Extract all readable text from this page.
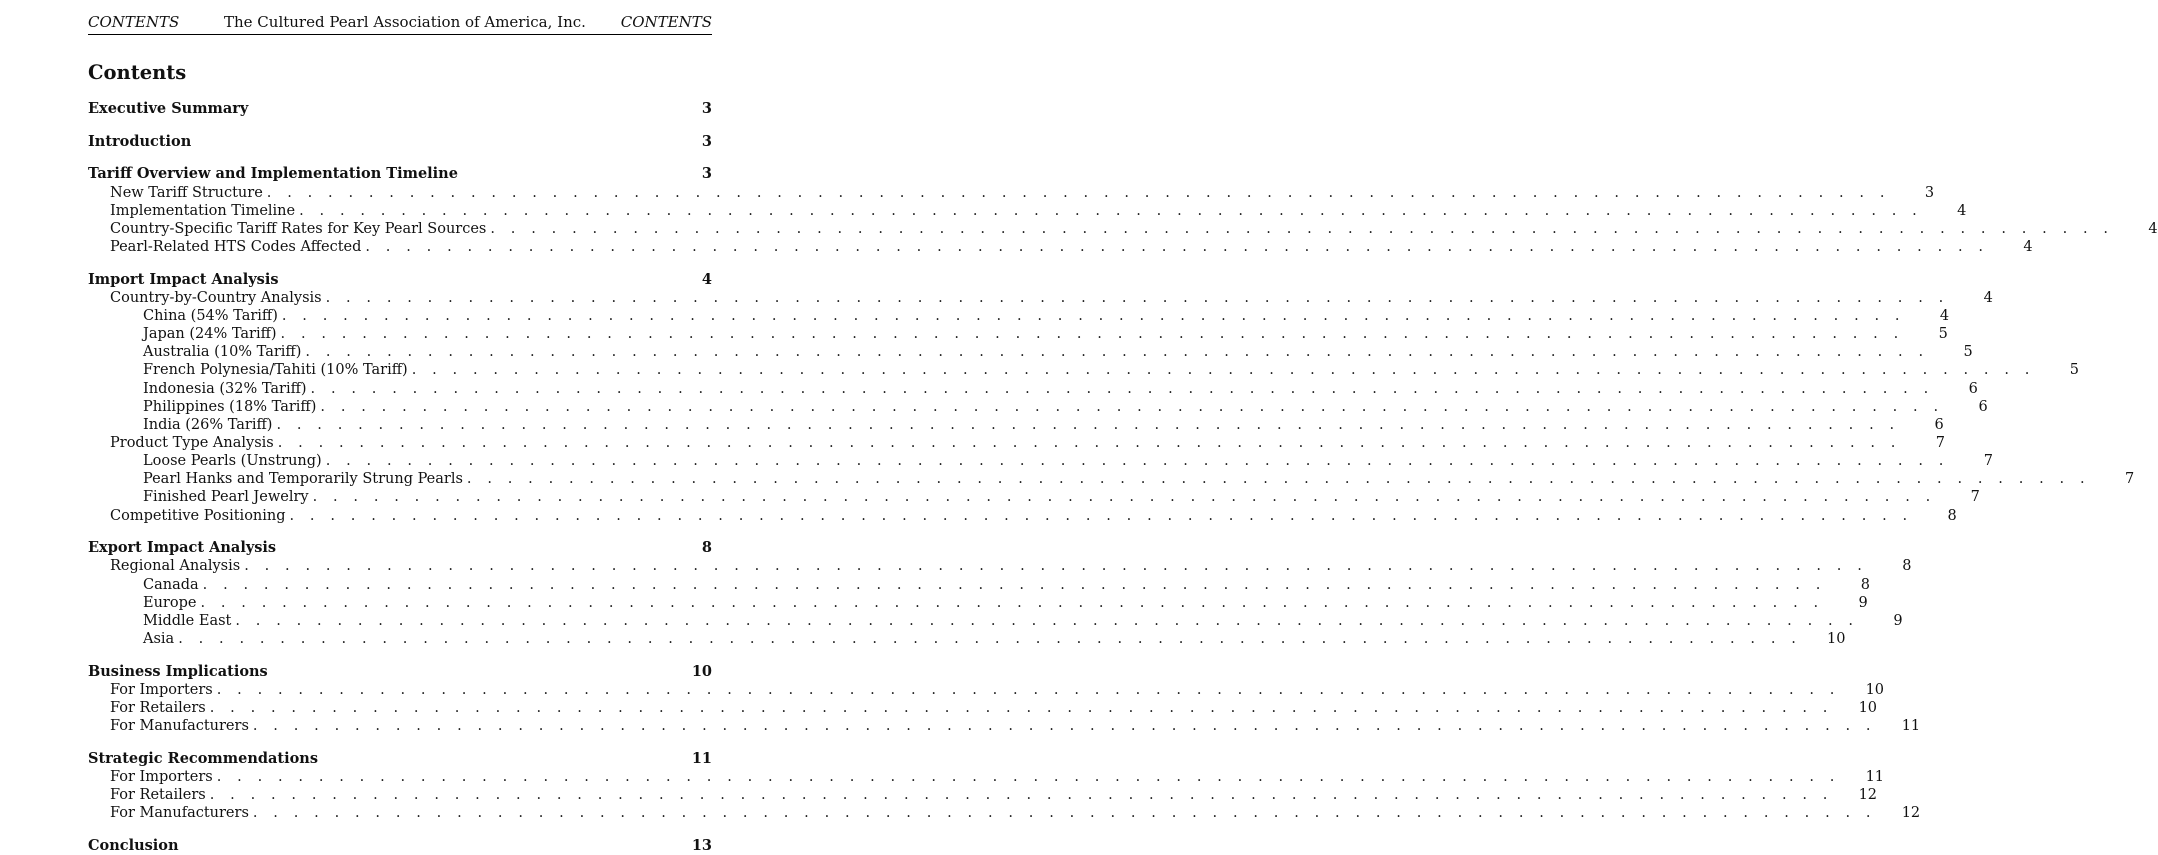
CONTENTS	The Cultured Pearl Association of America, Inc. CONTENTS
Contents
Executive Summary	3
Introduction	3
Tariff Overview and Implementation Timeline	3
New Tariff Structure . . . . . . . . . . . . . . . . . . . . . . . . . . . . . . . . . . . . . . . . . . . . . . . . . . . . . . . . . . . . . . . . . . . . . . . . . . . . . . . .	3
Implementation Timeline . . . . . . . . . . . . . . . . . . . . . . . . . . . . . . . . . . . . . . . . . . . . . . . . . . . . . . . . . . . . . . . . . . . . . . . . . . . . . . . .	4
Country-Specific Tariff Rates for Key Pearl Sources . . . . . . . . . . . . . . . . . . . . . . . . . . . . . . . . . . . . . . . . . . . . . . . . . . . . . . . . . . . . . . . . . . . . . . . . . . . . . . . .	4
Pearl-Related HTS Codes Affected . . . . . . . . . . . . . . . . . . . . . . . . . . . . . . . . . . . . . . . . . . . . . . . . . . . . . . . . . . . . . . . . . . . . . . . . . . . . . . . .	4
Import Impact Analysis	4
Country-by-Country Analysis . . . . . . . . . . . . . . . . . . . . . . . . . . . . . . . . . . . . . . . . . . . . . . . . . . . . . . . . . . . . . . . . . . . . . . . . . . . . . . . .	4
China (54% Tariff) . . . . . . . . . . . . . . . . . . . . . . . . . . . . . . . . . . . . . . . . . . . . . . . . . . . . . . . . . . . . . . . . . . . . . . . . . . . . . . . .	4
Japan (24% Tariff) . . . . . . . . . . . . . . . . . . . . . . . . . . . . . . . . . . . . . . . . . . . . . . . . . . . . . . . . . . . . . . . . . . . . . . . . . . . . . . . .	5
Australia (10% Tariff) . . . . . . . . . . . . . . . . . . . . . . . . . . . . . . . . . . . . . . . . . . . . . . . . . . . . . . . . . . . . . . . . . . . . . . . . . . . . . . . .	5
French Polynesia/Tahiti (10% Tariff) . . . . . . . . . . . . . . . . . . . . . . . . . . . . . . . . . . . . . . . . . . . . . . . . . . . . . . . . . . . . . . . . . . . . . . . . . . . . . . . .	5
Indonesia (32% Tariff) . . . . . . . . . . . . . . . . . . . . . . . . . . . . . . . . . . . . . . . . . . . . . . . . . . . . . . . . . . . . . . . . . . . . . . . . . . . . . . . .	6
Philippines (18% Tariff) . . . . . . . . . . . . . . . . . . . . . . . . . . . . . . . . . . . . . . . . . . . . . . . . . . . . . . . . . . . . . . . . . . . . . . . . . . . . . . . .	6
India (26% Tariff) . . . . . . . . . . . . . . . . . . . . . . . . . . . . . . . . . . . . . . . . . . . . . . . . . . . . . . . . . . . . . . . . . . . . . . . . . . . . . . . .	6
Product Type Analysis . . . . . . . . . . . . . . . . . . . . . . . . . . . . . . . . . . . . . . . . . . . . . . . . . . . . . . . . . . . . . . . . . . . . . . . . . . . . . . . .	7
Loose Pearls (Unstrung) . . . . . . . . . . . . . . . . . . . . . . . . . . . . . . . . . . . . . . . . . . . . . . . . . . . . . . . . . . . . . . . . . . . . . . . . . . . . . . . .	7
Pearl Hanks and Temporarily Strung Pearls . . . . . . . . . . . . . . . . . . . . . . . . . . . . . . . . . . . . . . . . . . . . . . . . . . . . . . . . . . . . . . . . . . . . . . . . . . . . . . . .	7
Finished Pearl Jewelry . . . . . . . . . . . . . . . . . . . . . . . . . . . . . . . . . . . . . . . . . . . . . . . . . . . . . . . . . . . . . . . . . . . . . . . . . . . . . . . .	7
Competitive Positioning . . . . . . . . . . . . . . . . . . . . . . . . . . . . . . . . . . . . . . . . . . . . . . . . . . . . . . . . . . . . . . . . . . . . . . . . . . . . . . . .	8
Export Impact Analysis	8
Regional Analysis . . . . . . . . . . . . . . . . . . . . . . . . . . . . . . . . . . . . . . . . . . . . . . . . . . . . . . . . . . . . . . . . . . . . . . . . . . . . . . . .	8
Canada . . . . . . . . . . . . . . . . . . . . . . . . . . . . . . . . . . . . . . . . . . . . . . . . . . . . . . . . . . . . . . . . . . . . . . . . . . . . . . . .	8
Europe . . . . . . . . . . . . . . . . . . . . . . . . . . . . . . . . . . . . . . . . . . . . . . . . . . . . . . . . . . . . . . . . . . . . . . . . . . . . . . . .	9
Middle East . . . . . . . . . . . . . . . . . . . . . . . . . . . . . . . . . . . . . . . . . . . . . . . . . . . . . . . . . . . . . . . . . . . . . . . . . . . . . . . .	9
Asia . . . . . . . . . . . . . . . . . . . . . . . . . . . . . . . . . . . . . . . . . . . . . . . . . . . . . . . . . . . . . . . . . . . . . . . . . . . . . . . . 10
Business Implications	10
For Importers . . . . . . . . . . . . . . . . . . . . . . . . . . . . . . . . . . . . . . . . . . . . . . . . . . . . . . . . . . . . . . . . . . . . . . . . . . . . . . . . 10
For Retailers . . . . . . . . . . . . . . . . . . . . . . . . . . . . . . . . . . . . . . . . . . . . . . . . . . . . . . . . . . . . . . . . . . . . . . . . . . . . . . . . 10
For Manufacturers . . . . . . . . . . . . . . . . . . . . . . . . . . . . . . . . . . . . . . . . . . . . . . . . . . . . . . . . . . . . . . . . . . . . . . . . . . . . . . . . 11
Strategic Recommendations	11
For Importers . . . . . . . . . . . . . . . . . . . . . . . . . . . . . . . . . . . . . . . . . . . . . . . . . . . . . . . . . . . . . . . . . . . . . . . . . . . . . . . . 11
For Retailers . . . . . . . . . . . . . . . . . . . . . . . . . . . . . . . . . . . . . . . . . . . . . . . . . . . . . . . . . . . . . . . . . . . . . . . . . . . . . . . . 12
For Manufacturers . . . . . . . . . . . . . . . . . . . . . . . . . . . . . . . . . . . . . . . . . . . . . . . . . . . . . . . . . . . . . . . . . . . . . . . . . . . . . . . . 12
Conclusion	13
